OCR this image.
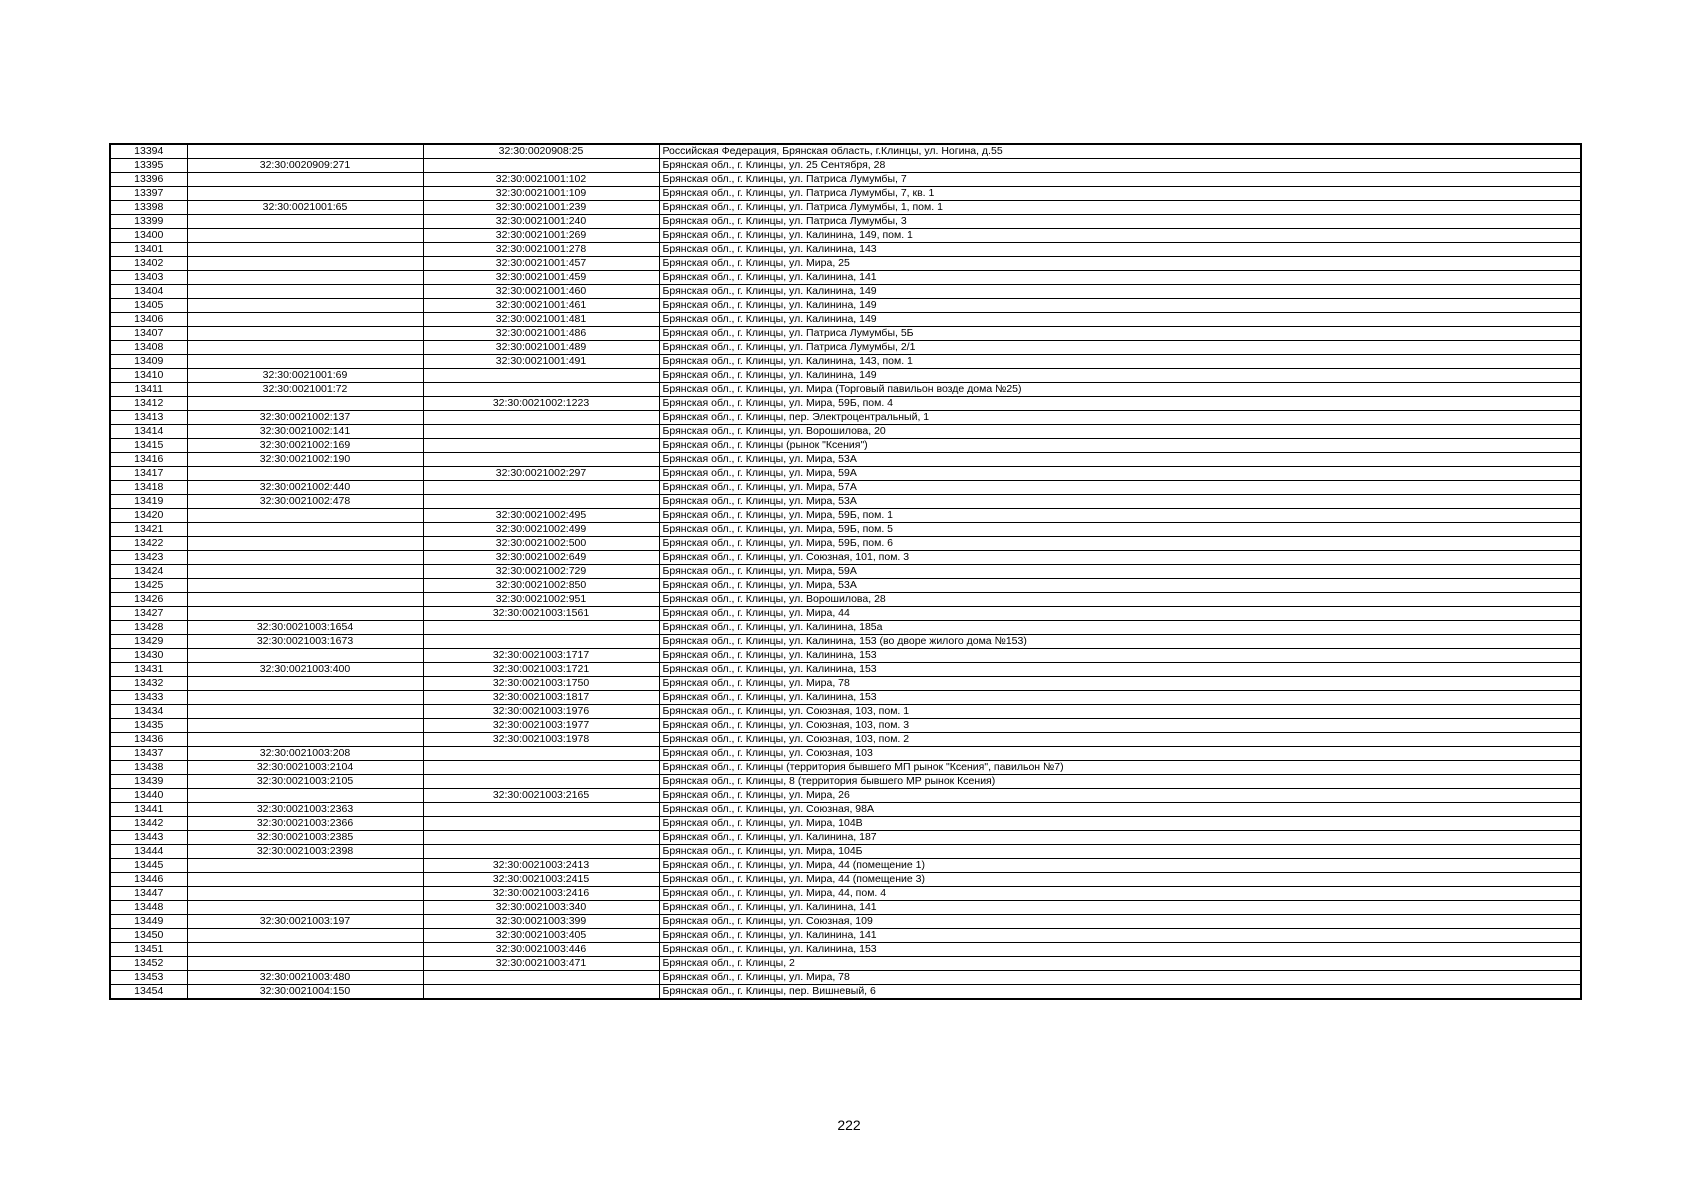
13394		32:30:0020908:25	Российская Федерация, Брянская область, г.Клинцы, ул. Ногина, д.55
13395	32:30:0020909:271		Брянская обл., г. Клинцы, ул. 25 Сентября, 28
13396		32:30:0021001:102	Брянская обл., г. Клинцы, ул. Патриса Лумумбы, 7
13397		32:30:0021001:109	Брянская обл., г. Клинцы, ул. Патриса Лумумбы, 7, кв. 1
13398	32:30:0021001:65	32:30:0021001:239	Брянская обл., г. Клинцы, ул. Патриса Лумумбы, 1, пом. 1
13399		32:30:0021001:240	Брянская обл., г. Клинцы, ул. Патриса Лумумбы, 3
13400		32:30:0021001:269	Брянская обл., г. Клинцы, ул. Калинина, 149, пом. 1
13401		32:30:0021001:278	Брянская обл., г. Клинцы, ул. Калинина, 143
13402		32:30:0021001:457	Брянская обл., г. Клинцы, ул. Мира, 25
13403		32:30:0021001:459	Брянская обл., г. Клинцы, ул. Калинина, 141
13404		32:30:0021001:460	Брянская обл., г. Клинцы, ул. Калинина, 149
13405		32:30:0021001:461	Брянская обл., г. Клинцы, ул. Калинина, 149
13406		32:30:0021001:481	Брянская обл., г. Клинцы, ул. Калинина, 149
13407		32:30:0021001:486	Брянская обл., г. Клинцы, ул. Патриса Лумумбы, 5Б
13408		32:30:0021001:489	Брянская обл., г. Клинцы, ул. Патриса Лумумбы, 2/1
13409		32:30:0021001:491	Брянская обл., г. Клинцы, ул. Калинина, 143, пом. 1
13410	32:30:0021001:69		Брянская обл., г. Клинцы, ул. Калинина, 149
13411	32:30:0021001:72		Брянская обл., г. Клинцы, ул. Мира (Торговый павильон возде дома №25)
13412		32:30:0021002:1223	Брянская обл., г. Клинцы, ул. Мира, 59Б, пом. 4
13413	32:30:0021002:137		Брянская обл., г. Клинцы, пер. Электроцентральный, 1
13414	32:30:0021002:141		Брянская обл., г. Клинцы, ул. Ворошилова, 20
13415	32:30:0021002:169		Брянская обл., г. Клинцы (рынок "Ксения")
13416	32:30:0021002:190		Брянская обл., г. Клинцы, ул. Мира, 53А
13417		32:30:0021002:297	Брянская обл., г. Клинцы, ул. Мира, 59А
13418	32:30:0021002:440		Брянская обл., г. Клинцы, ул. Мира, 57А
13419	32:30:0021002:478		Брянская обл., г. Клинцы, ул. Мира, 53А
13420		32:30:0021002:495	Брянская обл., г. Клинцы, ул. Мира, 59Б, пом. 1
13421		32:30:0021002:499	Брянская обл., г. Клинцы, ул. Мира, 59Б, пом. 5
13422		32:30:0021002:500	Брянская обл., г. Клинцы, ул. Мира, 59Б, пом. 6
13423		32:30:0021002:649	Брянская обл., г. Клинцы, ул. Союзная, 101, пом. 3
13424		32:30:0021002:729	Брянская обл., г. Клинцы, ул. Мира, 59А
13425		32:30:0021002:850	Брянская обл., г. Клинцы, ул. Мира, 53А
13426		32:30:0021002:951	Брянская обл., г. Клинцы, ул. Ворошилова, 28
13427		32:30:0021003:1561	Брянская обл., г. Клинцы, ул. Мира, 44
13428	32:30:0021003:1654		Брянская обл., г. Клинцы, ул. Калинина, 185а
13429	32:30:0021003:1673		Брянская обл., г. Клинцы, ул. Калинина, 153 (во дворе жилого дома №153)
13430		32:30:0021003:1717	Брянская обл., г. Клинцы, ул. Калинина, 153
13431	32:30:0021003:400	32:30:0021003:1721	Брянская обл., г. Клинцы, ул. Калинина, 153
13432		32:30:0021003:1750	Брянская обл., г. Клинцы, ул. Мира, 78
13433		32:30:0021003:1817	Брянская обл., г. Клинцы, ул. Калинина, 153
13434		32:30:0021003:1976	Брянская обл., г. Клинцы, ул. Союзная, 103, пом. 1
13435		32:30:0021003:1977	Брянская обл., г. Клинцы, ул. Союзная, 103, пом. 3
13436		32:30:0021003:1978	Брянская обл., г. Клинцы, ул. Союзная, 103, пом. 2
13437	32:30:0021003:208		Брянская обл., г. Клинцы, ул. Союзная, 103
13438	32:30:0021003:2104		Брянская обл., г. Клинцы (территория бывшего МП рынок "Ксения", павильон №7)
13439	32:30:0021003:2105		Брянская обл., г. Клинцы, 8 (территория бывшего МР рынок Ксения)
13440		32:30:0021003:2165	Брянская обл., г. Клинцы, ул. Мира, 26
13441	32:30:0021003:2363		Брянская обл., г. Клинцы, ул. Союзная, 98А
13442	32:30:0021003:2366		Брянская обл., г. Клинцы, ул. Мира, 104В
13443	32:30:0021003:2385		Брянская обл., г. Клинцы, ул. Калинина, 187
13444	32:30:0021003:2398		Брянская обл., г. Клинцы, ул. Мира, 104Б
13445		32:30:0021003:2413	Брянская обл., г. Клинцы, ул. Мира, 44 (помещение 1)
13446		32:30:0021003:2415	Брянская обл., г. Клинцы, ул. Мира, 44 (помещение 3)
13447		32:30:0021003:2416	Брянская обл., г. Клинцы, ул. Мира, 44, пом. 4
13448		32:30:0021003:340	Брянская обл., г. Клинцы, ул. Калинина, 141
13449	32:30:0021003:197	32:30:0021003:399	Брянская обл., г. Клинцы, ул. Союзная, 109
13450		32:30:0021003:405	Брянская обл., г. Клинцы, ул. Калинина, 141
13451		32:30:0021003:446	Брянская обл., г. Клинцы, ул. Калинина, 153
13452		32:30:0021003:471	Брянская обл., г. Клинцы, 2
13453	32:30:0021003:480		Брянская обл., г. Клинцы, ул. Мира, 78
13454	32:30:0021004:150		Брянская обл., г. Клинцы, пер. Вишневый, 6
222
